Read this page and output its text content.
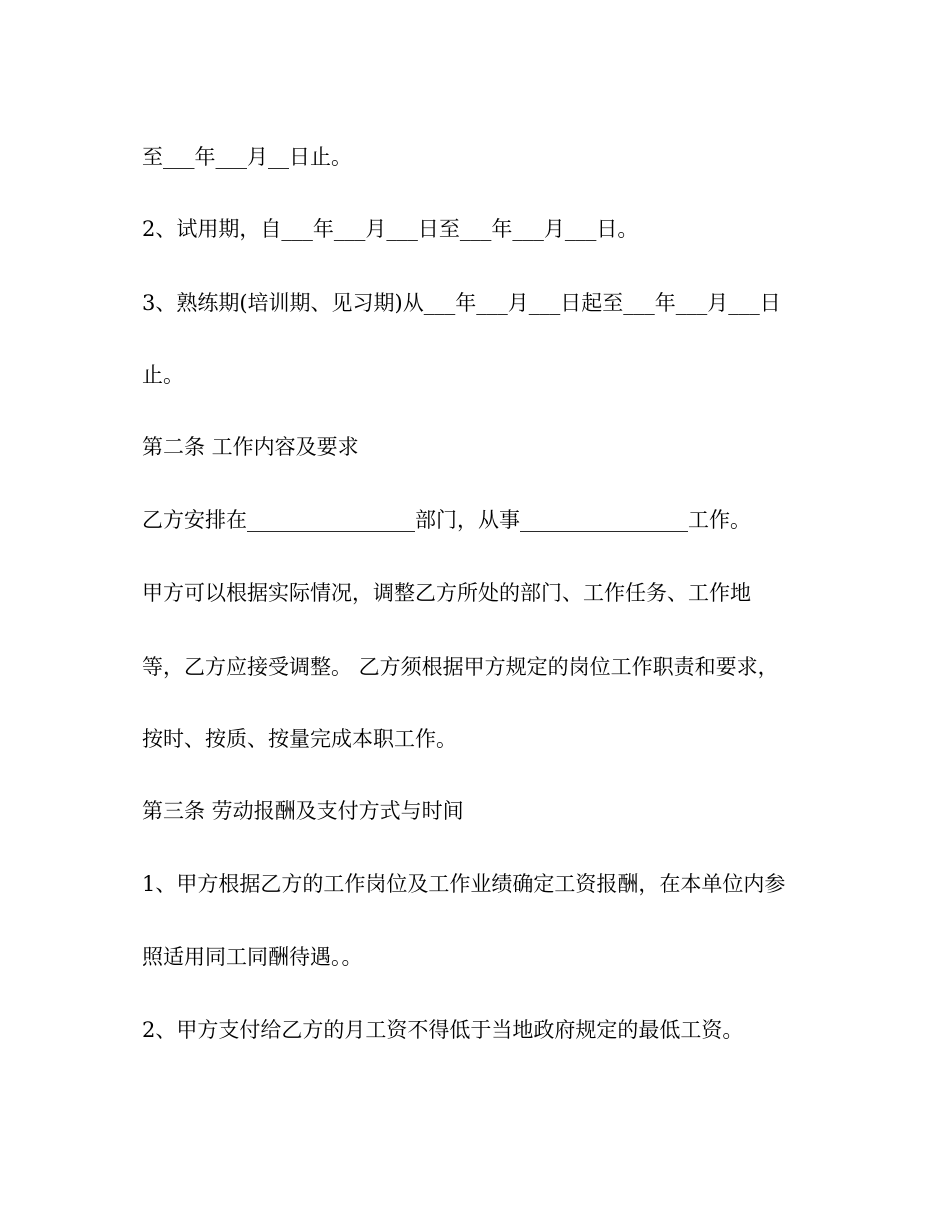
至___年___月__日止。
2、试用期，自___年___月___日至___年___月___日。
3、熟练期(培训期、见习期)从___年___月___日起至___年___月___日
止。
第二条 工作内容及要求
乙方安排在________________部门，从事________________工作。
甲方可以根据实际情况，调整乙方所处的部门、工作任务、工作地
等，乙方应接受调整。 乙方须根据甲方规定的岗位工作职责和要求，
按时、按质、按量完成本职工作。
第三条 劳动报酬及支付方式与时间
1、甲方根据乙方的工作岗位及工作业绩确定工资报酬，在本单位内参
照适用同工同酬待遇。。
2、甲方支付给乙方的月工资不得低于当地政府规定的最低工资。
